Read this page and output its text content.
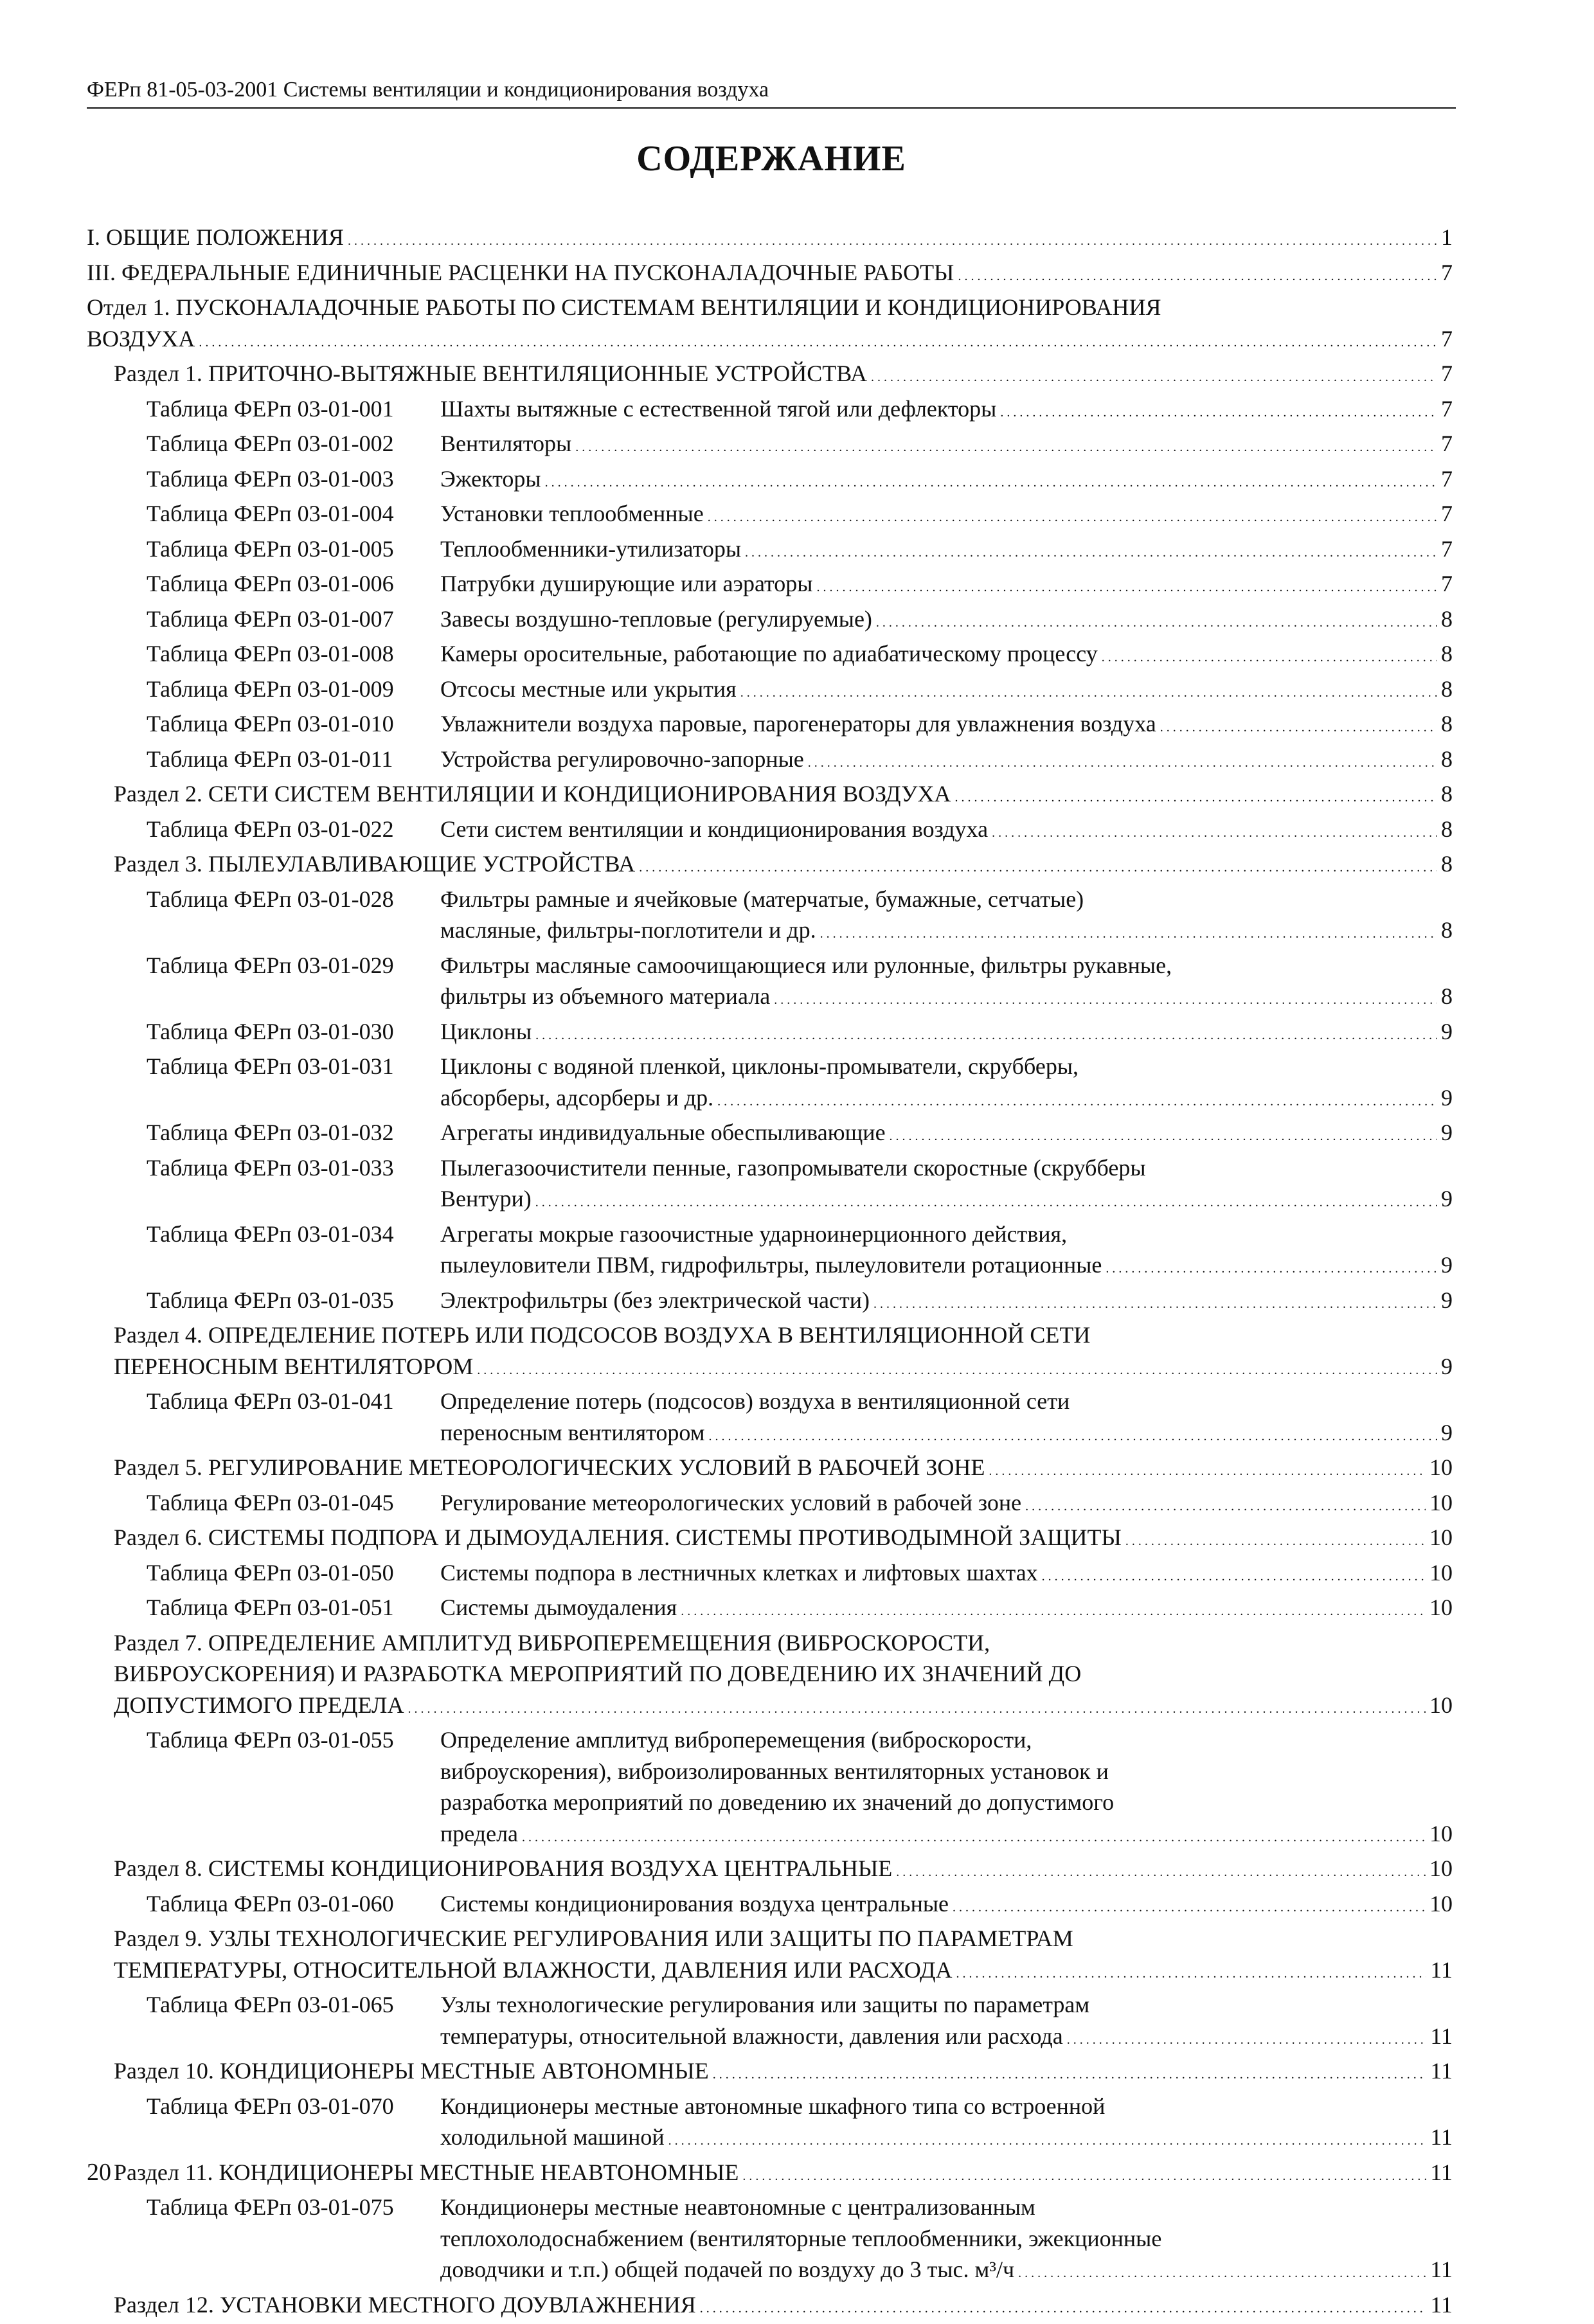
ФЕРп 81-05-03-2001 Системы вентиляции и кондиционирования воздуха
СОДЕРЖАНИЕ
I. ОБЩИЕ ПОЛОЖЕНИЯ . . .	1
III. ФЕДЕРАЛЬНЫЕ ЕДИНИЧНЫЕ РАСЦЕНКИ НА ПУСКОНАЛАДОЧНЫЕ РАБОТЫ . . .	7
Отдел 1. ПУСКОНАЛАДОЧНЫЕ РАБОТЫ ПО СИСТЕМАМ ВЕНТИЛЯЦИИ И КОНДИЦИОНИРОВАНИЯ
ВОЗДУХА . . .	7
Раздел 1. ПРИТОЧНО-ВЫТЯЖНЫЕ ВЕНТИЛЯЦИОННЫЕ УСТРОЙСТВА . . .	7
Таблица ФЕРп 03-01-001 Шахты вытяжные с естественной тягой или дефлекторы . . .	7
Таблица ФЕРп 03-01-002 Вентиляторы . . .	7
Таблица ФЕРп 03-01-003 Эжекторы . . .	7
Таблица ФЕРп 03-01-004 Установки теплообменные . . .	7
Таблица ФЕРп 03-01-005 Теплообменники-утилизаторы . . .	7
Таблица ФЕРп 03-01-006 Патрубки душирующие или аэраторы . . .	7
Таблица ФЕРп 03-01-007 Завесы воздушно-тепловые (регулируемые) . . .	8
Таблица ФЕРп 03-01-008 Камеры оросительные, работающие по адиабатическому процессу . . .	8
Таблица ФЕРп 03-01-009 Отсосы местные или укрытия . . .	8
Таблица ФЕРп 03-01-010 Увлажнители воздуха паровые, парогенераторы для увлажнения воздуха . . .	8
Таблица ФЕРп 03-01-011 Устройства регулировочно-запорные . . .	8
Раздел 2. СЕТИ СИСТЕМ ВЕНТИЛЯЦИИ И КОНДИЦИОНИРОВАНИЯ ВОЗДУХА . . .	8
Таблица ФЕРп 03-01-022 Сети систем вентиляции и кондиционирования воздуха . . .	8
Раздел 3. ПЫЛЕУЛАВЛИВАЮЩИЕ УСТРОЙСТВА . . .	8
Таблица ФЕРп 03-01-028 Фильтры рамные и ячейковые (матерчатые, бумажные, сетчатые)
масляные, фильтры-поглотители и др. . . .	8
Таблица ФЕРп 03-01-029 Фильтры масляные самоочищающиеся или рулонные, фильтры рукавные,
фильтры из объемного материала . . .	8
Таблица ФЕРп 03-01-030 Циклоны . . .	9
Таблица ФЕРп 03-01-031 Циклоны с водяной пленкой, циклоны-промыватели, скрубберы,
абсорберы, адсорберы и др. . . .	9
Таблица ФЕРп 03-01-032 Агрегаты индивидуальные обеспыливающие . . .	9
Таблица ФЕРп 03-01-033 Пылегазоочистители пенные, газопромыватели скоростные (скрубберы
Вентури) . . .	9
Таблица ФЕРп 03-01-034 Агрегаты мокрые газоочистные ударноинерционного действия,
пылеуловители ПВМ, гидрофильтры, пылеуловители ротационные . . .	9
Таблица ФЕРп 03-01-035 Электрофильтры (без электрической части) . . .	9
Раздел 4. ОПРЕДЕЛЕНИЕ ПОТЕРЬ ИЛИ ПОДСОСОВ ВОЗДУХА В ВЕНТИЛЯЦИОННОЙ СЕТИ
ПЕРЕНОСНЫМ ВЕНТИЛЯТОРОМ . . .	9
Таблица ФЕРп 03-01-041 Определение потерь (подсосов) воздуха в вентиляционной сети
переносным вентилятором . . .	9
Раздел 5. РЕГУЛИРОВАНИЕ МЕТЕОРОЛОГИЧЕСКИХ УСЛОВИЙ В РАБОЧЕЙ ЗОНЕ . . .	10
Таблица ФЕРп 03-01-045 Регулирование метеорологических условий в рабочей зоне . . .	10
Раздел 6. СИСТЕМЫ ПОДПОРА И ДЫМОУДАЛЕНИЯ. СИСТЕМЫ ПРОТИВОДЫМНОЙ ЗАЩИТЫ . . .	10
Таблица ФЕРп 03-01-050 Системы подпора в лестничных клетках и лифтовых шахтах . . .	10
Таблица ФЕРп 03-01-051 Системы дымоудаления . . .	10
Раздел 7. ОПРЕДЕЛЕНИЕ АМПЛИТУД ВИБРОПЕРЕМЕЩЕНИЯ (ВИБРОСКОРОСТИ,
ВИБРОУСКОРЕНИЯ) И РАЗРАБОТКА МЕРОПРИЯТИЙ ПО ДОВЕДЕНИЮ ИХ ЗНАЧЕНИЙ ДО
ДОПУСТИМОГО ПРЕДЕЛА . . .	10
Таблица ФЕРп 03-01-055 Определение амплитуд виброперемещения (виброскорости,
виброускорения), виброизолированных вентиляторных установок и
разработка мероприятий по доведению их значений до допустимого
предела . . .	10
Раздел 8. СИСТЕМЫ КОНДИЦИОНИРОВАНИЯ ВОЗДУХА ЦЕНТРАЛЬНЫЕ . . .	10
Таблица ФЕРп 03-01-060 Системы кондиционирования воздуха центральные . . .	10
Раздел 9. УЗЛЫ ТЕХНОЛОГИЧЕСКИЕ РЕГУЛИРОВАНИЯ ИЛИ ЗАЩИТЫ ПО ПАРАМЕТРАМ
ТЕМПЕРАТУРЫ, ОТНОСИТЕЛЬНОЙ ВЛАЖНОСТИ, ДАВЛЕНИЯ ИЛИ РАСХОДА . . .	11
Таблица ФЕРп 03-01-065 Узлы технологические регулирования или защиты по параметрам
температуры, относительной влажности, давления или расхода . . .	11
Раздел 10. КОНДИЦИОНЕРЫ МЕСТНЫЕ АВТОНОМНЫЕ . . .	11
Таблица ФЕРп 03-01-070 Кондиционеры местные автономные шкафного типа со встроенной
холодильной машиной . . .	11
Раздел 11. КОНДИЦИОНЕРЫ МЕСТНЫЕ НЕАВТОНОМНЫЕ . . .	11
Таблица ФЕРп 03-01-075 Кондиционеры местные неавтономные с централизованным
теплохолодоснабжением (вентиляторные теплообменники, эжекционные
доводчики и т.п.) общей подачей по воздуху до 3 тыс. м³/ч . . .	11
Раздел 12. УСТАНОВКИ МЕСТНОГО ДОУВЛАЖНЕНИЯ . . .	11
20
